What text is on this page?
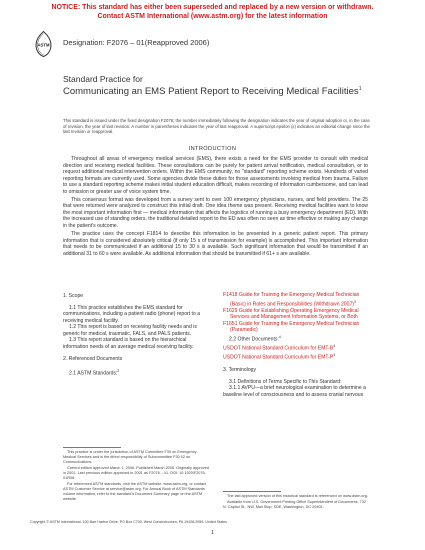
NOTICE: This standard has either been superseded and replaced by a new version or withdrawn.
Contact ASTM International (www.astm.org) for the latest information
ASTM Designation: F2076 – 01(Reapproved 2006)
Standard Practice for
Communicating an EMS Patient Report to Receiving Medical Facilities$^1$
This standard is issued under the fixed designation F2076; the number immediately following the designation indicates the year of original adoption or, in the case of revision, the year of last revision. A number in parentheses indicates the year of last reapproval. A superscript epsilon (ε) indicates an editorial change since the last revision or reapproval.
INTRODUCTION

Throughout all areas of emergency medical services (EMS), there exists a need for the EMS provider to consult with medical direction and receiving medical facilities. These consultations can be purely for patient arrival notification, medical consultation, or to request additional medical intervention orders. Within the EMS community, no "standard" reporting scheme exists. Hundreds of varied reporting formats are currently used. Some agencies divide these duties for those assessments involving medical from trauma. Failure to use a standard reporting scheme makes initial student education difficult, makes recording of information cumbersome, and can lead to omission or greater use of voice system time.

This consensus format was developed from a survey sent to over 100 emergency physicians, nurses, and field providers. The 25 that were returned were analyzed to construct this initial draft. One idea theme was present. Receiving medical facilities want to know the most important information first — medical information that affects the logistics of running a busy emergency department (ED). With the increased use of standing orders, the traditional detailed report to the ED was often no seen as time effective or making any change in the patient's outcome.

The practice uses the concept F1814 to describe this information to be presented in a generic patient report. This primary information that is considered absolutely critical (if only 15 s of transmission for example) is accomplished. This important information that needs to be communicated if an additional 15 to 30 s is available. Such significant information that would be transmitted if an additional 31 to 60 s were available. As additional information that should be transmitted if 61+ s are available.

1. Scope

1.1 This practice establishes the EMS standard for communications, including a patient radio (phone) report to a receiving medical facility.

1.2 This report is based on receiving facility needs and is generic for medical, traumatic, FALS, and PALS patients.

1.3 This report standard is based on the hierarchical information needs of an average medical receiving facility.

2. Referenced Documents

2.1 ASTM Standards:$^2$

F1418 Guide for Training the Emergency Medical Technician (Basic) in Roles and Responsibilities (Withdrawn 2007)$^3$

F1629 Guide for Establishing Operating Emergency Medical Services and Management Information Systems, or Both

F1651 Guide for Training the Emergency Medical Technician (Paramedic)

2.2 Other Documents:$^4$

USDOT National Standard Curriculum for EMT-$B^4$

USDOT National Standard Curriculum for EMT-$P^4$

3. Terminology

3.1 Definitions of Terms Specific to This Standard:

3.1.1 AVPU—a brief neurological examination to determine a baseline level of consciousness and to assess cranial nervous

This practice is under the jurisdiction of ASTM Committee F30 on Emergency Medical Services and is the direct responsibility of Subcommittee F30.02 on Communications.

Current edition approved March 1, 2006. Published March 2006. Originally approved in 2001. Last previous edition approved in 2001 as F2076 – 01. DOI: 10.1520/F2076-01R06.

For referenced ASTM standards, visit the ASTM website, www.astm.org, or contact ASTM Customer Service at service@astm.org. For Annual Book of ASTM Standards volume information, refer to the standard's Document Summary page on the ASTM website.

The last approved version of this historical standard is referenced on www.astm.org.

Available from U.S. Government Printing Office Superintendent of Documents, 732 N. Capitol St., NW, Mail Stop: SDE, Washington, DC 20401.

Copyright © ASTM International, 100 Barr Harbor Drive, PO Box C700, West Conshohocken, PA 19428-2959. United States
1
